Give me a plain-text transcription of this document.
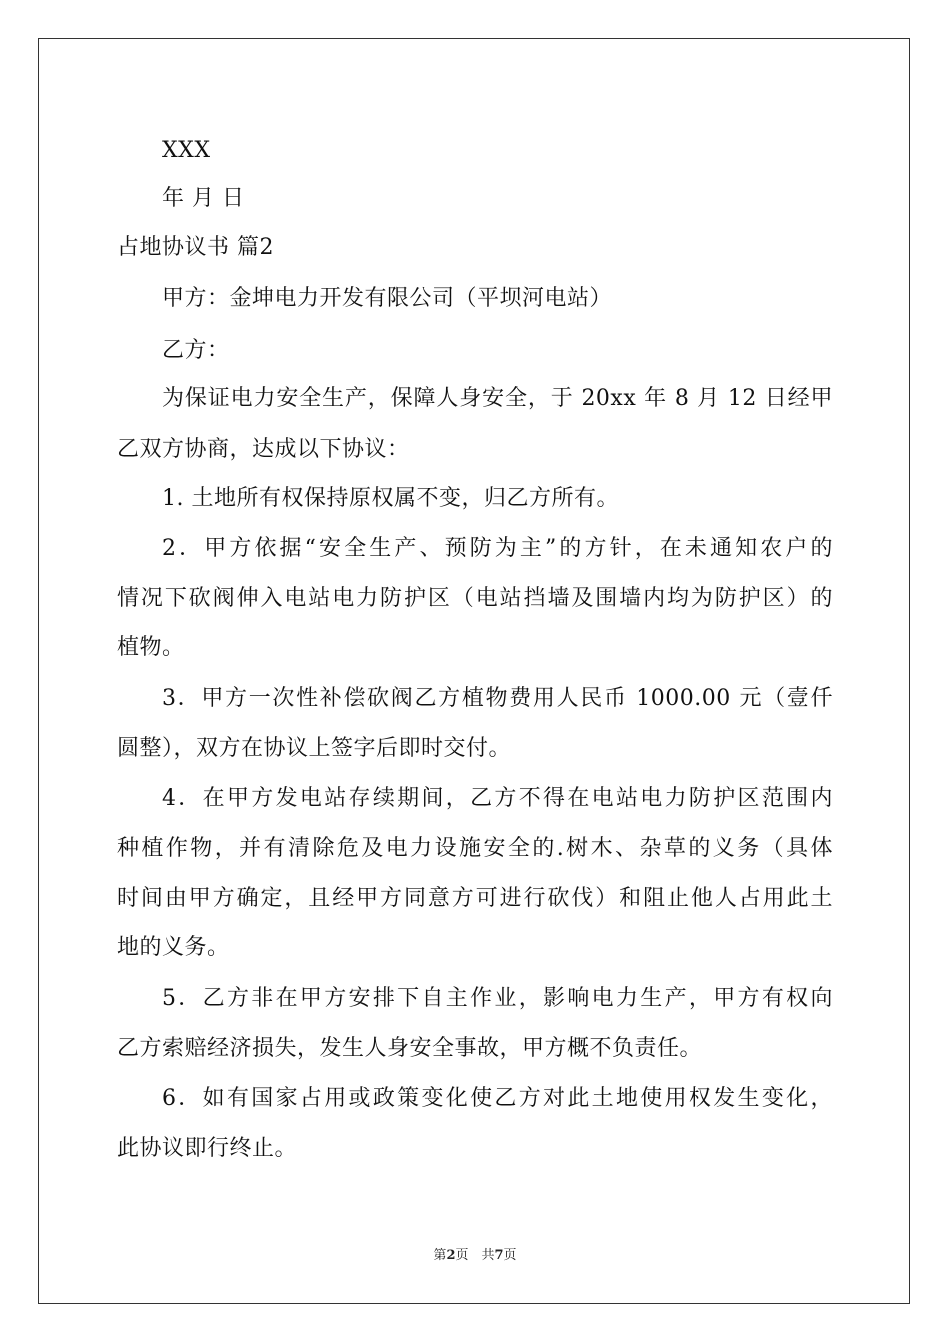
XXX
年 月 日
占地协议书 篇2
甲方：金坤电力开发有限公司（平坝河电站）
乙方：
为保证电力安全生产，保障人身安全，于 20xx 年 8 月 12 日经甲
乙双方协商，达成以下协议：
1. 土地所有权保持原权属不变，归乙方所有。
2．甲方依据“安全生产、预防为主”的方针，在未通知农户的
情况下砍阀伸入电站电力防护区（电站挡墙及围墙内均为防护区）的
植物。
3．甲方一次性补偿砍阀乙方植物费用人民币 1000.00 元（壹仟
圆整），双方在协议上签字后即时交付。
4．在甲方发电站存续期间，乙方不得在电站电力防护区范围内
种植作物，并有清除危及电力设施安全的.树木、杂草的义务（具体
时间由甲方确定，且经甲方同意方可进行砍伐）和阻止他人占用此土
地的义务。
5．乙方非在甲方安排下自主作业，影响电力生产，甲方有权向
乙方索赔经济损失，发生人身安全事故，甲方概不负责任。
6．如有国家占用或政策变化使乙方对此土地使用权发生变化，
此协议即行终止。
第2页　共7页
